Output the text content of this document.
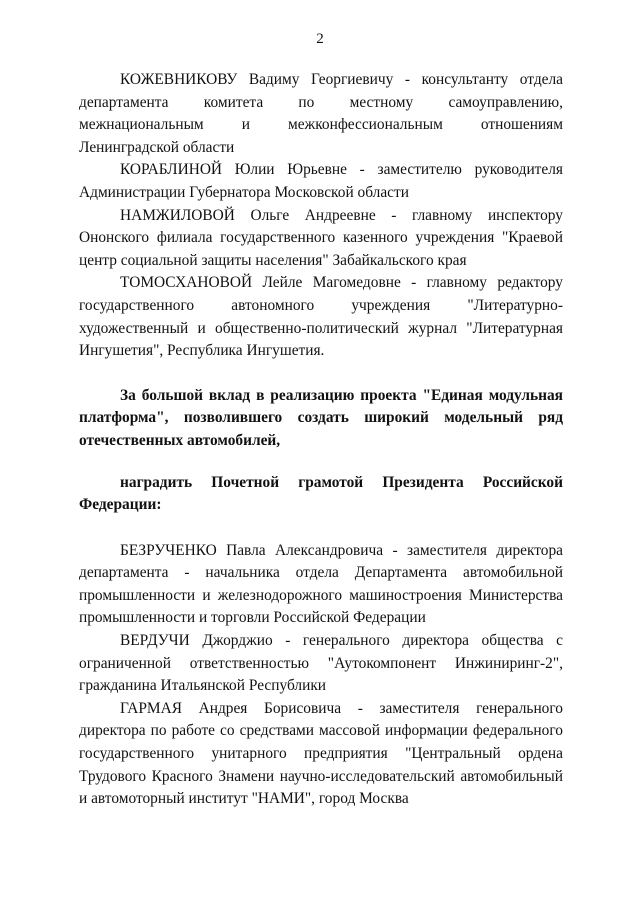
2

КОЖЕВНИКОВУ Вадиму Георгиевичу - консультанту отдела департамента комитета по местному самоуправлению, межнациональным и межконфессиональным отношениям Ленинградской области

КОРАБЛИНОЙ Юлии Юрьевне - заместителю руководителя Администрации Губернатора Московской области

НАМЖИЛОВОЙ Ольге Андреевне - главному инспектору Ононского филиала государственного казенного учреждения "Краевой центр социальной защиты населения" Забайкальского края

ТОМОСХАНОВОЙ Лейле Магомедовне - главному редактору государственного автономного учреждения "Литературно-художественный и общественно-политический журнал "Литературная Ингушетия", Республика Ингушетия.

За большой вклад в реализацию проекта "Единая модульная платформа", позволившего создать широкий модельный ряд отечественных автомобилей,

наградить Почетной грамотой Президента Российской Федерации:

БЕЗРУЧЕНКО Павла Александровича - заместителя директора департамента - начальника отдела Департамента автомобильной промышленности и железнодорожного машиностроения Министерства промышленности и торговли Российской Федерации

ВЕРДУЧИ Джорджио - генерального директора общества с ограниченной ответственностью "Аутокомпонент Инжиниринг-2", гражданина Итальянской Республики

ГАРМАЯ Андрея Борисовича - заместителя генерального директора по работе со средствами массовой информации федерального государственного унитарного предприятия "Центральный ордена Трудового Красного Знамени научно-исследовательский автомобильный и автомоторный институт "НАМИ", город Москва
